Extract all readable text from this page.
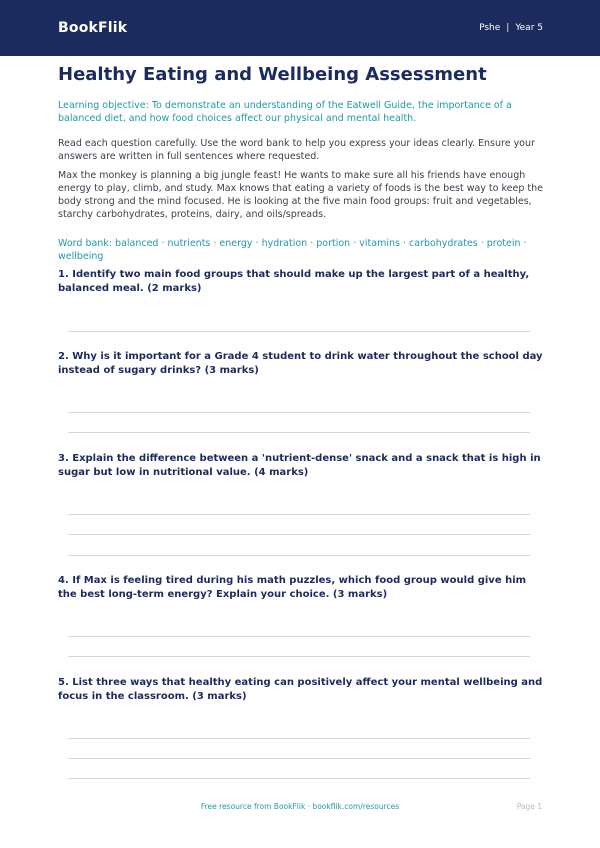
BookFlik	Pshe | Year 5
Healthy Eating and Wellbeing Assessment

Learning objective: To demonstrate an understanding of the Eatwell Guide, the importance of a balanced diet, and how food choices affect our physical and mental health.

Read each question carefully. Use the word bank to help you express your ideas clearly. Ensure your answers are written in full sentences where requested.

Max the monkey is planning a big jungle feast! He wants to make sure all his friends have enough energy to play, climb, and study. Max knows that eating a variety of foods is the best way to keep the body strong and the mind focused. He is looking at the five main food groups: fruit and vegetables, starchy carbohydrates, proteins, dairy, and oils/spreads.

Word bank: balanced · nutrients · energy · hydration · portion · vitamins · carbohydrates · protein · wellbeing

1. Identify two main food groups that should make up the largest part of a healthy, balanced meal. (2 marks)

2. Why is it important for a Grade 4 student to drink water throughout the school day instead of sugary drinks? (3 marks)

3. Explain the difference between a 'nutrient-dense' snack and a snack that is high in sugar but low in nutritional value. (4 marks)

4. If Max is feeling tired during his math puzzles, which food group would give him the best long-term energy? Explain your choice. (3 marks)

5. List three ways that healthy eating can positively affect your mental wellbeing and focus in the classroom. (3 marks)

Free resource from BookFlik · bookflik.com/resources	Page 1
